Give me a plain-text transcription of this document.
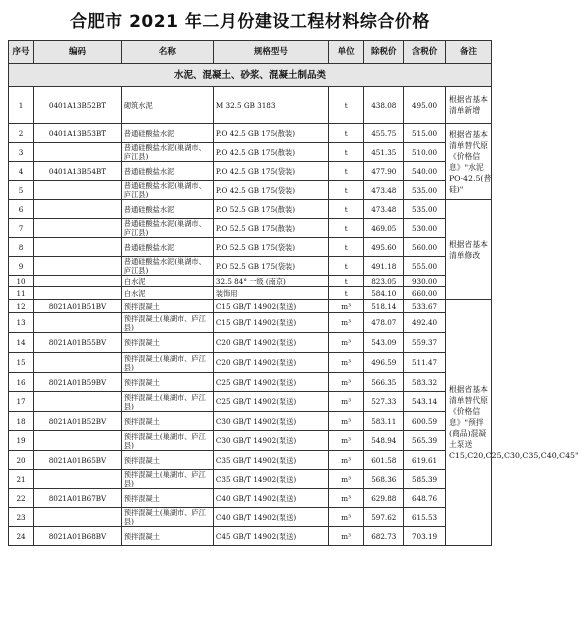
合肥市 2021 年二月份建设工程材料综合价格
序号	编码	名称	规格型号	单位	除税价	含税价	备注
水泥、混凝土、砂浆、混凝土制品类							
1	0401A13B52BT	砌筑水泥	M 32.5 GB 3183	t	438.08	495.00	根据省基本清单新增
2	0401A13B53BT	普通硅酸盐水泥	P.O 42.5 GB 175(散装)	t	455.75	515.00	根据省基本清单替代原《价格信息》"水泥 PO·42.5(普硅)"
3		普通硅酸盐水泥(巢湖市、庐江县)	P.O 42.5 GB 175(散装)	t	451.35	510.00	
4	0401A13B54BT	普通硅酸盐水泥	P.O 42.5 GB 175(袋装)	t	477.90	540.00	
5		普通硅酸盐水泥(巢湖市、庐江县)	P.O 42.5 GB 175(袋装)	t	473.48	535.00	
6		普通硅酸盐水泥	P.O 52.5 GB 175(散装)	t	473.48	535.00	根据省基本清单修改
7		普通硅酸盐水泥(巢湖市、庐江县)	P.O 52.5 GB 175(散装)	t	469.05	530.00	
8		普通硅酸盐水泥	P.O 52.5 GB 175(袋装)	t	495.60	560.00	
9		普通硅酸盐水泥(巢湖市、庐江县)	P.O 52.5 GB 175(袋装)	t	491.18	555.00	
10		白水泥	32.5 84° 一级 (南京)	t	823.05	930.00	
11		白水泥	装饰用	t	584.10	660.00	
12	8021A01B51BV	预拌混凝土	C15 GB/T 14902(泵送)	m³	518.14	533.67	根据省基本清单替代原《价格信息》"预拌(商品)混凝土泵送 C15,C20,C25,C30,C35,C40,C45"
13		预拌混凝土(巢湖市、庐江县)	C15 GB/T 14902(泵送)	m³	478.07	492.40	
14	8021A01B55BV	预拌混凝土	C20 GB/T 14902(泵送)	m³	543.09	559.37	
15		预拌混凝土(巢湖市、庐江县)	C20 GB/T 14902(泵送)	m³	496.59	511.47	
16	8021A01B59BV	预拌混凝土	C25 GB/T 14902(泵送)	m³	566.35	583.32	
17		预拌混凝土(巢湖市、庐江县)	C25 GB/T 14902(泵送)	m³	527.33	543.14	
18	8021A01B52BV	预拌混凝土	C30 GB/T 14902(泵送)	m³	583.11	600.59	
19		预拌混凝土(巢湖市、庐江县)	C30 GB/T 14902(泵送)	m³	548.94	565.39	
20	8021A01B65BV	预拌混凝土	C35 GB/T 14902(泵送)	m³	601.58	619.61	
21		预拌混凝土(巢湖市、庐江县)	C35 GB/T 14902(泵送)	m³	568.36	585.39	
22	8021A01B67BV	预拌混凝土	C40 GB/T 14902(泵送)	m³	629.88	648.76	
23		预拌混凝土(巢湖市、庐江县)	C40 GB/T 14902(泵送)	m³	597.62	615.53	
24	8021A01B68BV	预拌混凝土	C45 GB/T 14902(泵送)	m³	682.73	703.19	
